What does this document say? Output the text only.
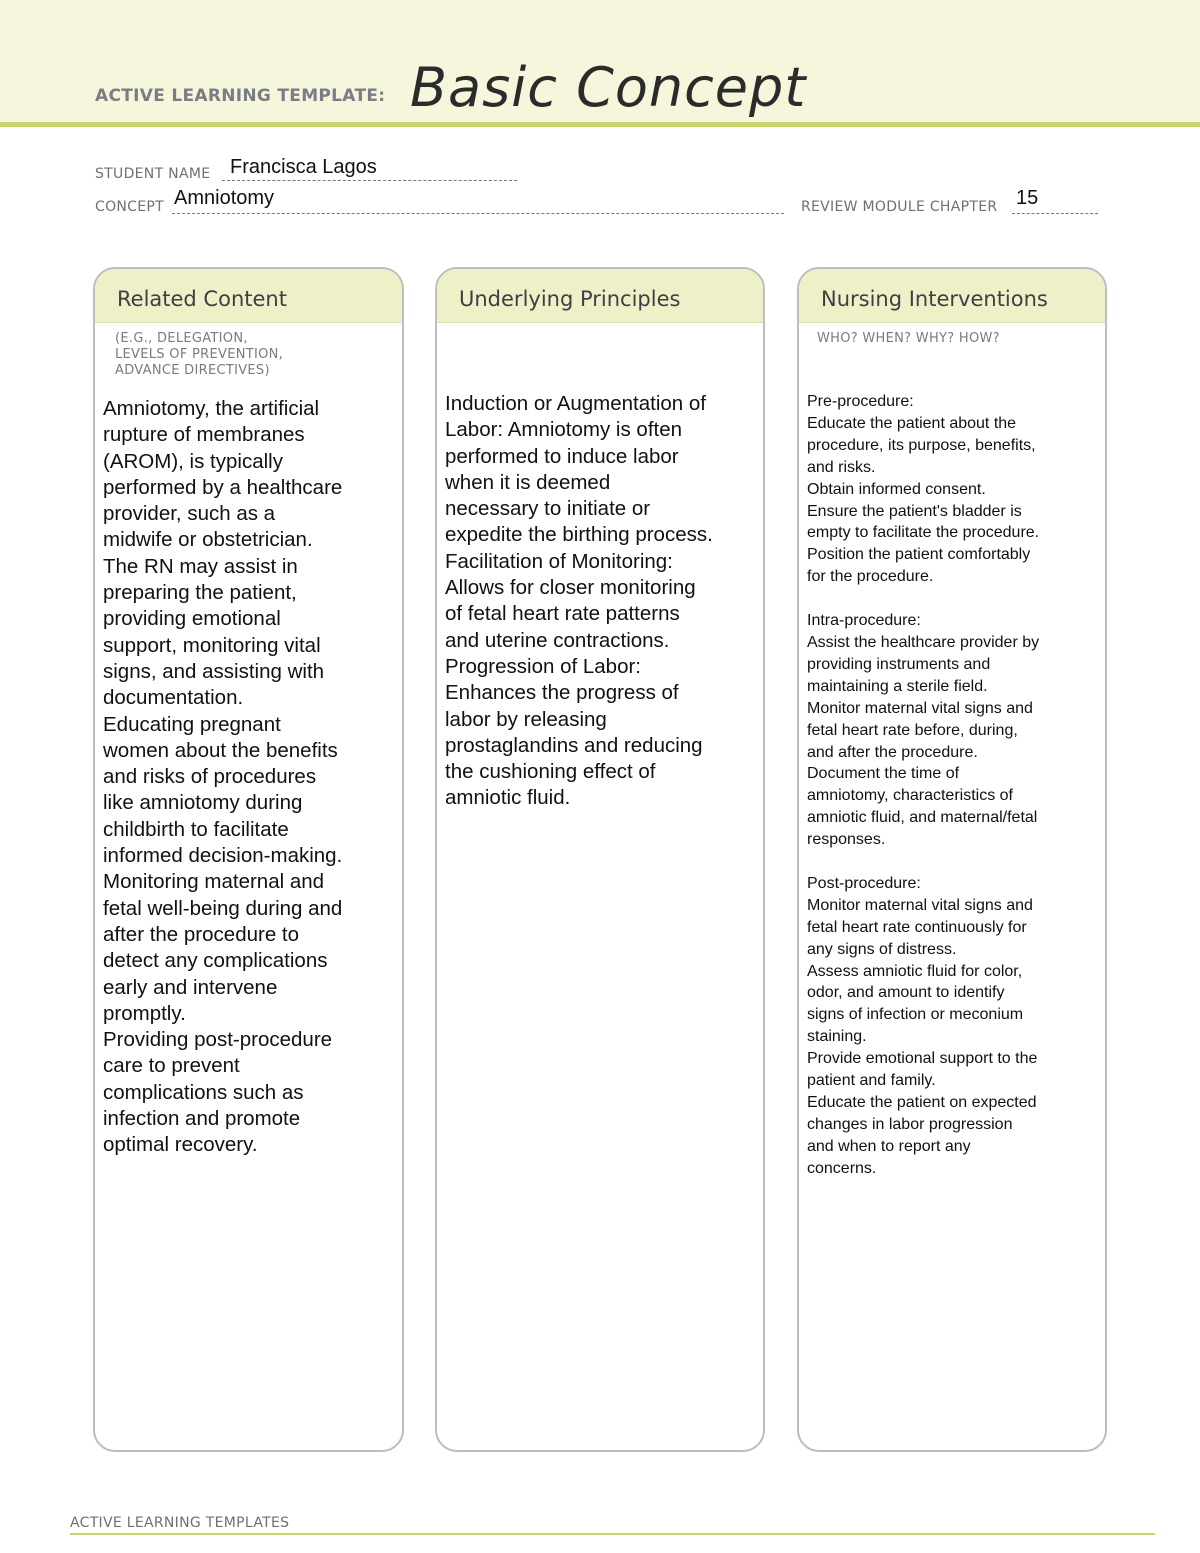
ACTIVE LEARNING TEMPLATE: Basic Concept
STUDENT NAME Francisca Lagos
CONCEPT Amniotomy	REVIEW MODULE CHAPTER 15
Related Content
(E.G., DELEGATION,
LEVELS OF PREVENTION,
ADVANCE DIRECTIVES)
Amniotomy, the artificial
rupture of membranes
(AROM), is typically
performed by a healthcare
provider, such as a
midwife or obstetrician.
The RN may assist in
preparing the patient,
providing emotional
support, monitoring vital
signs, and assisting with
documentation.
Educating pregnant
women about the benefits
and risks of procedures
like amniotomy during
childbirth to facilitate
informed decision-making.
Monitoring maternal and
fetal well-being during and
after the procedure to
detect any complications
early and intervene
promptly.
Providing post-procedure
care to prevent
complications such as
infection and promote
optimal recovery.
Underlying Principles
Induction or Augmentation of
Labor: Amniotomy is often
performed to induce labor
when it is deemed
necessary to initiate or
expedite the birthing process.
Facilitation of Monitoring:
Allows for closer monitoring
of fetal heart rate patterns
and uterine contractions.
Progression of Labor:
Enhances the progress of
labor by releasing
prostaglandins and reducing
the cushioning effect of
amniotic fluid.
Nursing Interventions
WHO? WHEN? WHY? HOW?
Pre-procedure:
Educate the patient about the
procedure, its purpose, benefits,
and risks.
Obtain informed consent.
Ensure the patient's bladder is
empty to facilitate the procedure.
Position the patient comfortably
for the procedure.

Intra-procedure:
Assist the healthcare provider by
providing instruments and
maintaining a sterile field.
Monitor maternal vital signs and
fetal heart rate before, during,
and after the procedure.
Document the time of
amniotomy, characteristics of
amniotic fluid, and maternal/fetal
responses.

Post-procedure:
Monitor maternal vital signs and
fetal heart rate continuously for
any signs of distress.
Assess amniotic fluid for color,
odor, and amount to identify
signs of infection or meconium
staining.
Provide emotional support to the
patient and family.
Educate the patient on expected
changes in labor progression
and when to report any
concerns.
ACTIVE LEARNING TEMPLATES
